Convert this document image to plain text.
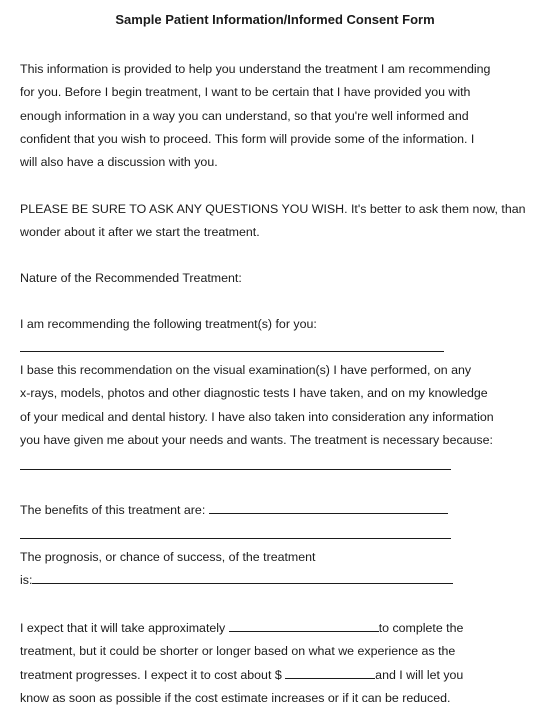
Sample Patient Information/Informed Consent Form
This information is provided to help you understand the treatment I am recommending
for you. Before I begin treatment, I want to be certain that I have provided you with
enough information in a way you can understand, so that you're well informed and
confident that you wish to proceed. This form will provide some of the information. I
will also have a discussion with you.
PLEASE BE SURE TO ASK ANY QUESTIONS YOU WISH. It's better to ask them now, than
wonder about it after we start the treatment.
Nature of the Recommended Treatment:
I am recommending the following treatment(s) for you:
I base this recommendation on the visual examination(s) I have performed, on any
x-rays, models, photos and other diagnostic tests I have taken, and on my knowledge
of your medical and dental history. I have also taken into consideration any information
you have given me about your needs and wants. The treatment is necessary because:
The benefits of this treatment are:
The prognosis, or chance of success, of the treatment
is:
I expect that it will take approximately	to complete the
treatment, but it could be shorter or longer based on what we experience as the
treatment progresses. I expect it to cost about $	and I will let you
know as soon as possible if the cost estimate increases or if it can be reduced.
